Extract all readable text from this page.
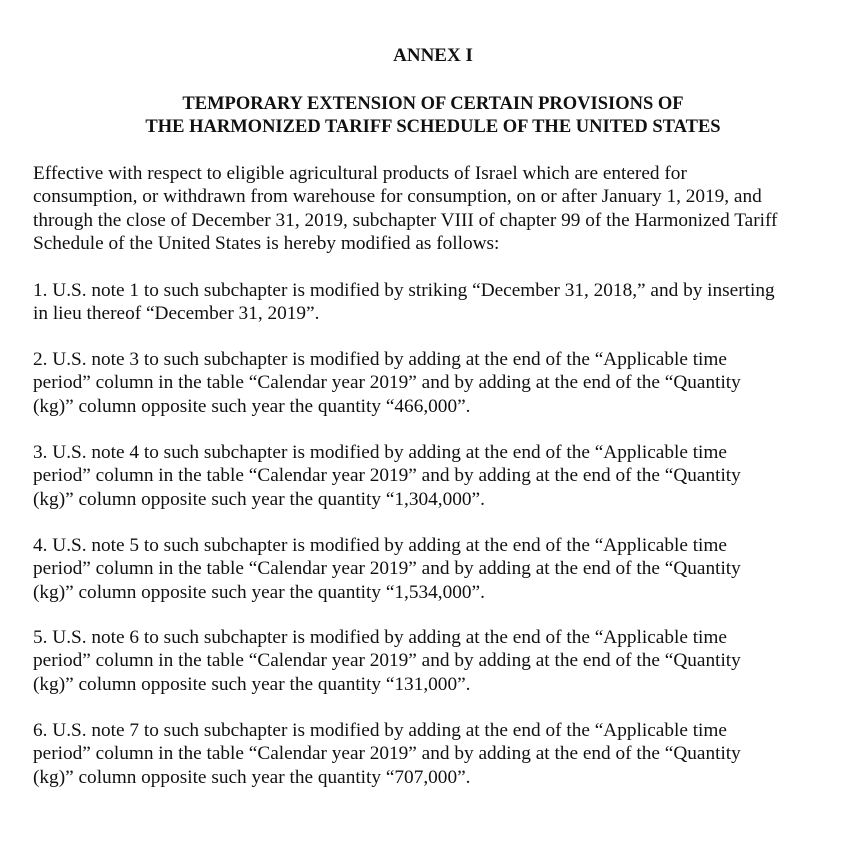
ANNEX I
TEMPORARY EXTENSION OF CERTAIN PROVISIONS OF
THE HARMONIZED TARIFF SCHEDULE OF THE UNITED STATES

Effective with respect to eligible agricultural products of Israel which are entered for
consumption, or withdrawn from warehouse for consumption, on or after January 1, 2019, and
through the close of December 31, 2019, subchapter VIII of chapter 99 of the Harmonized Tariff
Schedule of the United States is hereby modified as follows:

1. U.S. note 1 to such subchapter is modified by striking “December 31, 2018,” and by inserting
in lieu thereof “December 31, 2019”.

2. U.S. note 3 to such subchapter is modified by adding at the end of the “Applicable time
period” column in the table “Calendar year 2019” and by adding at the end of the “Quantity
(kg)” column opposite such year the quantity “466,000”.

3. U.S. note 4 to such subchapter is modified by adding at the end of the “Applicable time
period” column in the table “Calendar year 2019” and by adding at the end of the “Quantity
(kg)” column opposite such year the quantity “1,304,000”.

4. U.S. note 5 to such subchapter is modified by adding at the end of the “Applicable time
period” column in the table “Calendar year 2019” and by adding at the end of the “Quantity
(kg)” column opposite such year the quantity “1,534,000”.

5. U.S. note 6 to such subchapter is modified by adding at the end of the “Applicable time
period” column in the table “Calendar year 2019” and by adding at the end of the “Quantity
(kg)” column opposite such year the quantity “131,000”.

6. U.S. note 7 to such subchapter is modified by adding at the end of the “Applicable time
period” column in the table “Calendar year 2019” and by adding at the end of the “Quantity
(kg)” column opposite such year the quantity “707,000”.
